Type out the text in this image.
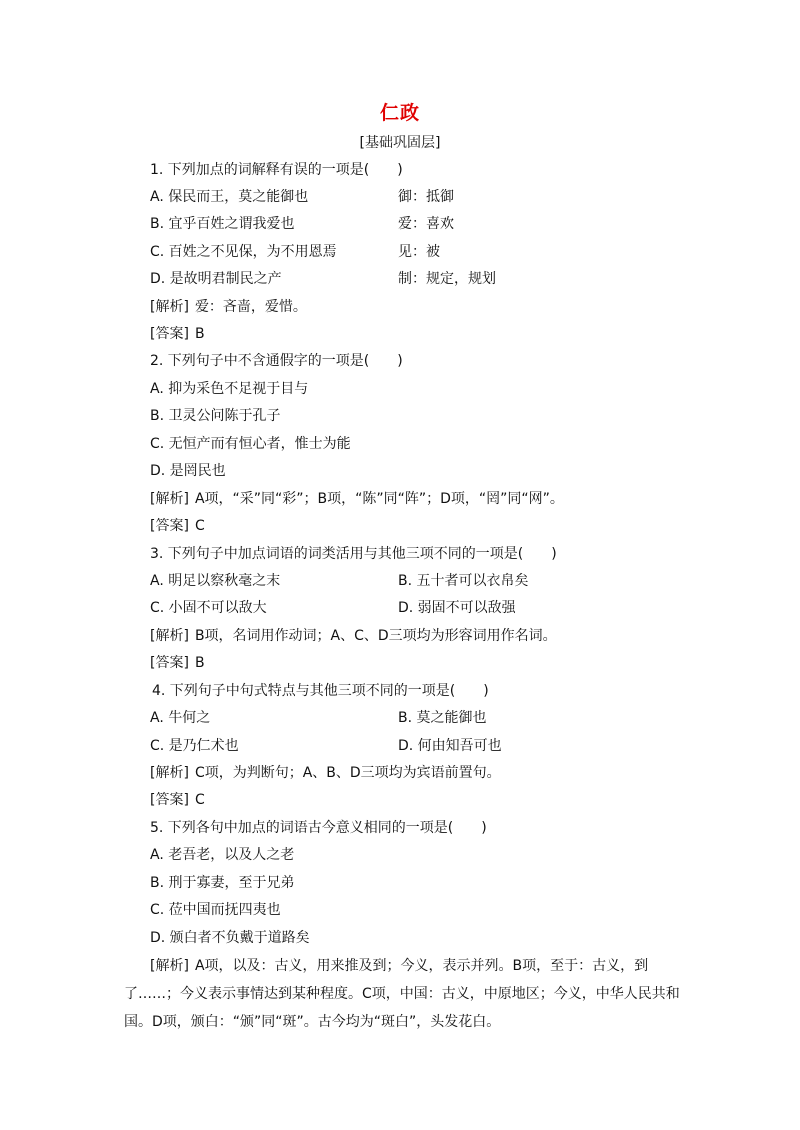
仁政
[基础巩固层]
1. 下列加点的词解释有误的一项是(　　)
A. 保民而王，莫之能御也	御：抵御
B. 宜乎百姓之谓我爱也	爱：喜欢
C. 百姓之不见保，为不用恩焉	见：被
D. 是故明君制民之产	制：规定，规划
[解析] 爱：吝啬，爱惜。
[答案] B
2. 下列句子中不含通假字的一项是(　　)
A. 抑为采色不足视于目与
B. 卫灵公问陈于孔子
C. 无恒产而有恒心者，惟士为能
D. 是罔民也
[解析] A项，“采”同“彩”；B项，“陈”同“阵”；D项，“罔”同“网”。
[答案] C
3. 下列句子中加点词语的词类活用与其他三项不同的一项是(　　)
A. 明足以察秋毫之末	B. 五十者可以衣帛矣
C. 小固不可以敌大	D. 弱固不可以敌强
[解析] B项，名词用作动词；A、C、D三项均为形容词用作名词。
[答案] B
4. 下列句子中句式特点与其他三项不同的一项是(　　)
A. 牛何之	B. 莫之能御也
C. 是乃仁术也	D. 何由知吾可也
[解析] C项，为判断句；A、B、D三项均为宾语前置句。
[答案] C
5. 下列各句中加点的词语古今意义相同的一项是(　　)
A. 老吾老，以及人之老
B. 刑于寡妻，至于兄弟
C. 莅中国而抚四夷也
D. 颁白者不负戴于道路矣
[解析] A项，以及：古义，用来推及到；今义，表示并列。B项，至于：古义，到
了……；今义表示事情达到某种程度。C项，中国：古义，中原地区；今义，中华人民共和
国。D项，颁白：“颁”同“斑”。古今均为“斑白”，头发花白。
